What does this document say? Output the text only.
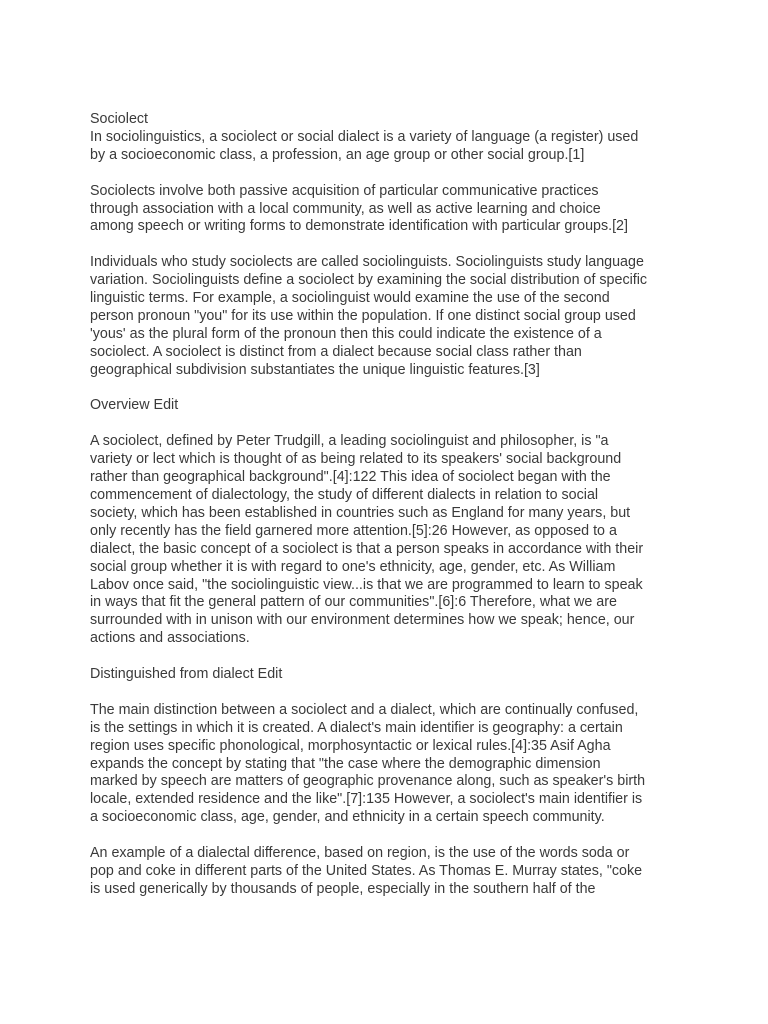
Sociolect
In sociolinguistics, a sociolect or social dialect is a variety of language (a register) used
by a socioeconomic class, a profession, an age group or other social group.[1]
Sociolects involve both passive acquisition of particular communicative practices
through association with a local community, as well as active learning and choice
among speech or writing forms to demonstrate identification with particular groups.[2]
Individuals who study sociolects are called sociolinguists. Sociolinguists study language
variation. Sociolinguists define a sociolect by examining the social distribution of specific
linguistic terms. For example, a sociolinguist would examine the use of the second
person pronoun "you" for its use within the population. If one distinct social group used
'yous' as the plural form of the pronoun then this could indicate the existence of a
sociolect. A sociolect is distinct from a dialect because social class rather than
geographical subdivision substantiates the unique linguistic features.[3]
Overview Edit
A sociolect, defined by Peter Trudgill, a leading sociolinguist and philosopher, is "a
variety or lect which is thought of as being related to its speakers' social background
rather than geographical background".[4]:122 This idea of sociolect began with the
commencement of dialectology, the study of different dialects in relation to social
society, which has been established in countries such as England for many years, but
only recently has the field garnered more attention.[5]:26 However, as opposed to a
dialect, the basic concept of a sociolect is that a person speaks in accordance with their
social group whether it is with regard to one's ethnicity, age, gender, etc. As William
Labov once said, "the sociolinguistic view...is that we are programmed to learn to speak
in ways that fit the general pattern of our communities".[6]:6 Therefore, what we are
surrounded with in unison with our environment determines how we speak; hence, our
actions and associations.
Distinguished from dialect Edit
The main distinction between a sociolect and a dialect, which are continually confused,
is the settings in which it is created. A dialect's main identifier is geography: a certain
region uses specific phonological, morphosyntactic or lexical rules.[4]:35 Asif Agha
expands the concept by stating that "the case where the demographic dimension
marked by speech are matters of geographic provenance along, such as speaker's birth
locale, extended residence and the like".[7]:135 However, a sociolect's main identifier is
a socioeconomic class, age, gender, and ethnicity in a certain speech community.
An example of a dialectal difference, based on region, is the use of the words soda or
pop and coke in different parts of the United States. As Thomas E. Murray states, "coke
is used generically by thousands of people, especially in the southern half of the
